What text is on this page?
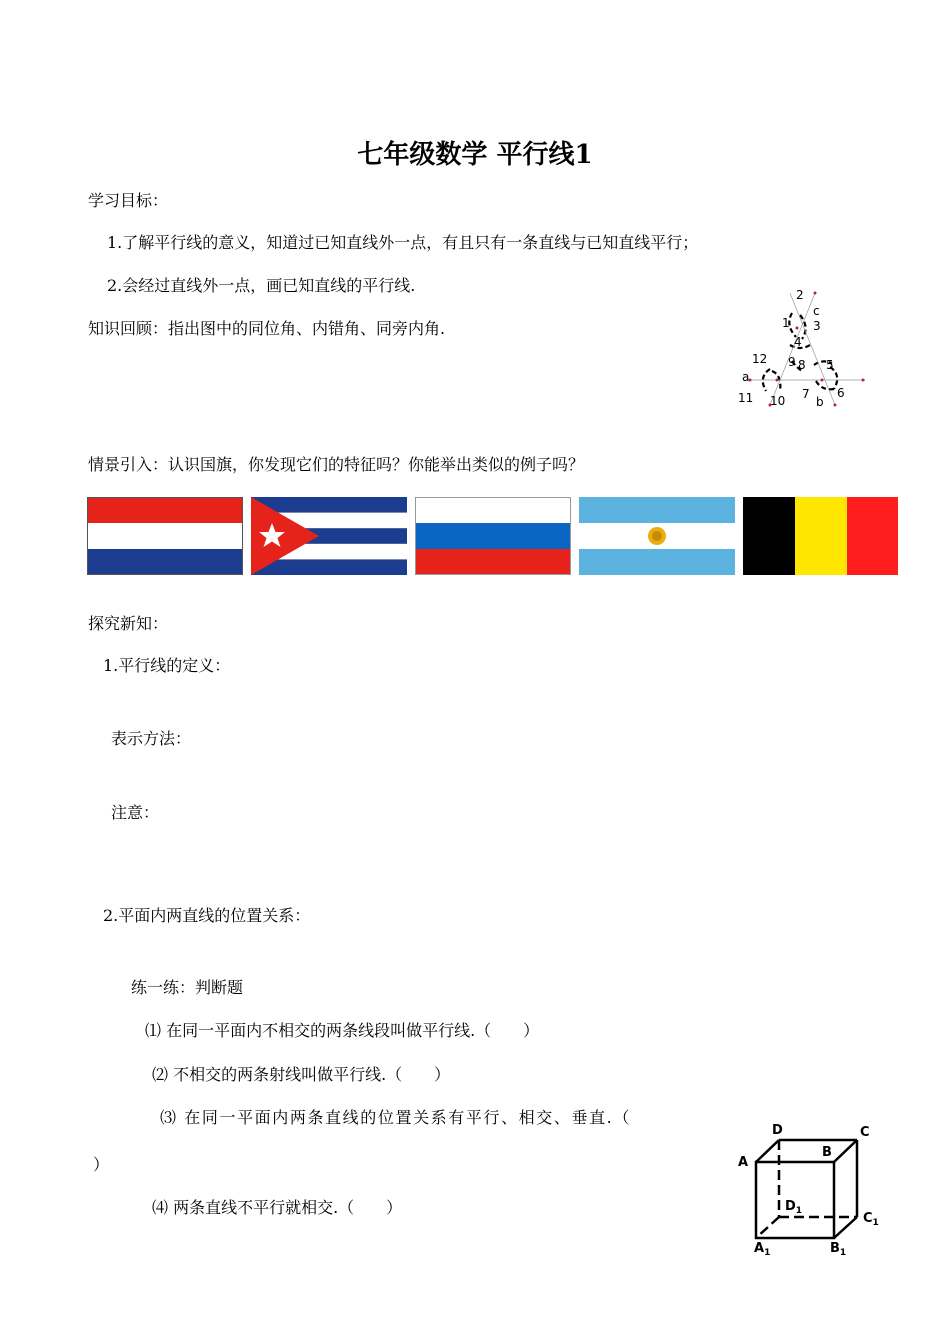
七年级数学 平行线1
学习目标：
1.了解平行线的意义，知道过已知直线外一点，有且只有一条直线与已知直线平行；
2.会经过直线外一点，画已知直线的平行线.
知识回顾：指出图中的同位角、内错角、同旁内角.
2
c
1 3
4
12 9 8 5
a
11 10 7
b
6
情景引入：认识国旗，你发现它们的特征吗？你能举出类似的例子吗？
探究新知：
1.平行线的定义：
表示方法：
注意：
2.平面内两直线的位置关系：
练一练：判断题
⑴ 在同一平面内不相交的两条线段叫做平行线.（　　）
⑵ 不相交的两条射线叫做平行线.（　　）
⑶ 在同一平面内两条直线的位置关系有平行、相交、垂直.（
）
⑷ 两条直线不平行就相交.（　　）
D	C
A
B
$D_1$	$C_1$
$A_1$	$B_1$
